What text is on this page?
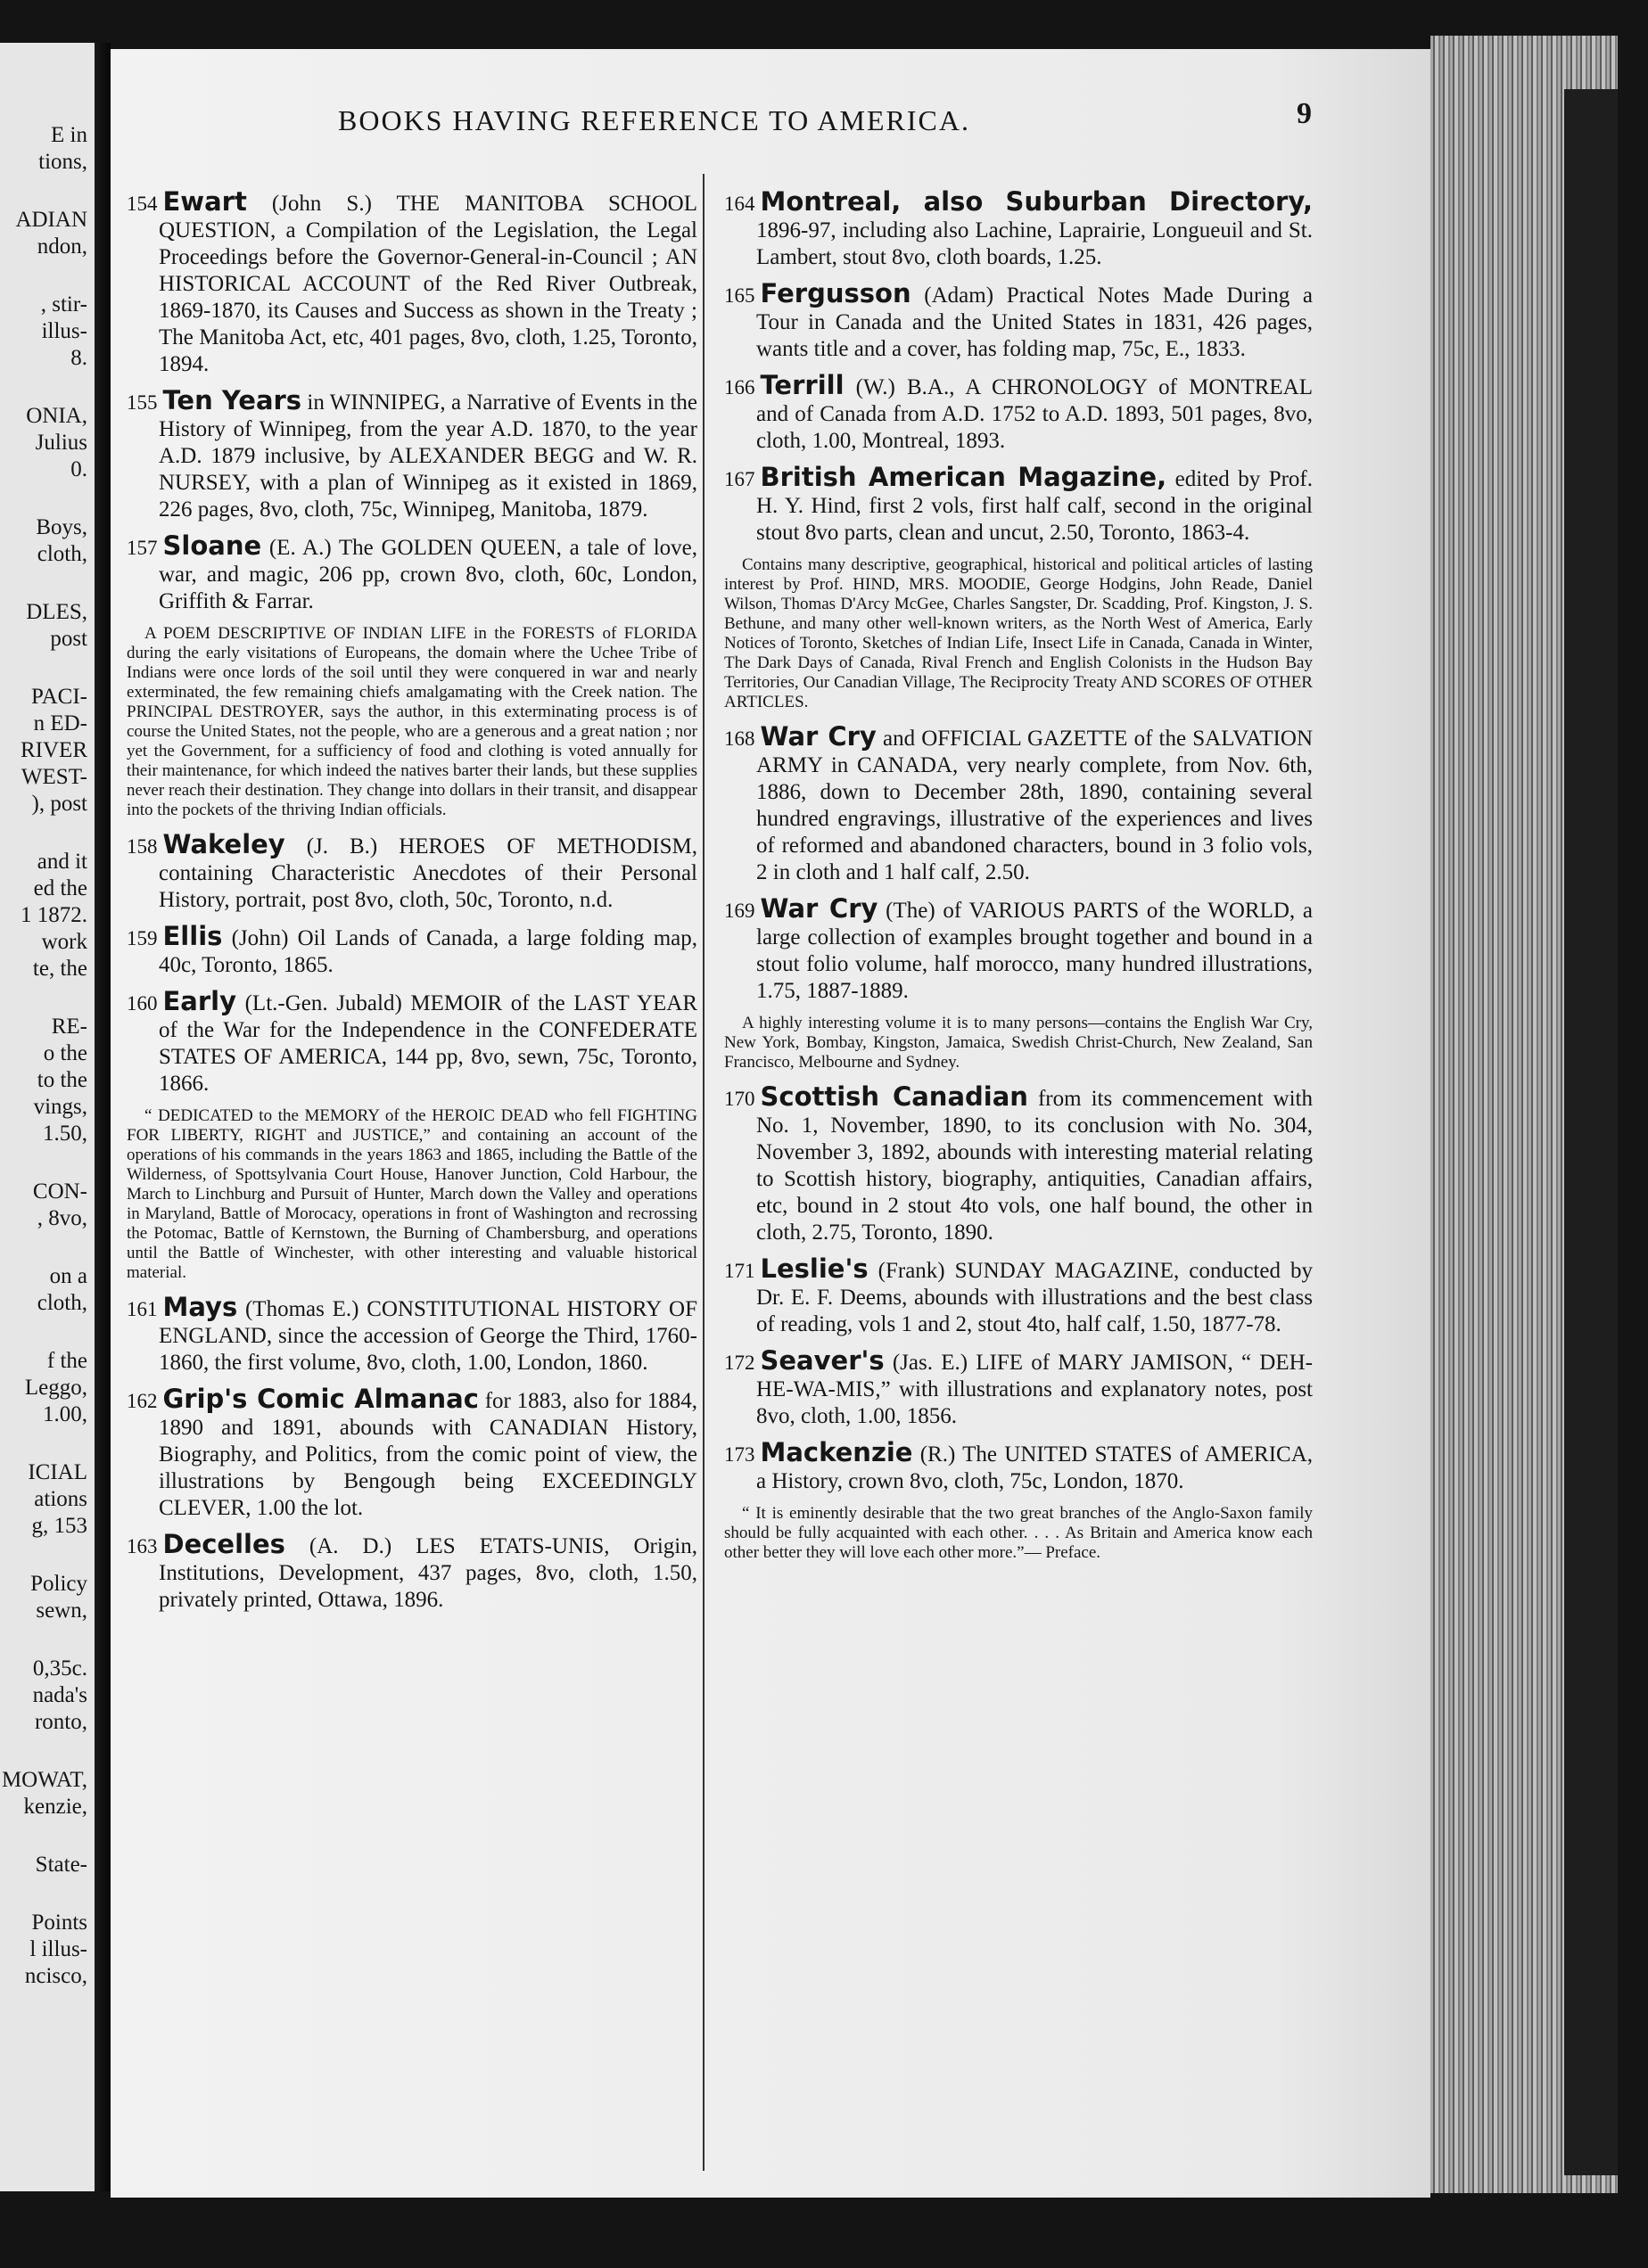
E in
tions,
ADIAN
ndon,
, stir-
illus-
8.
ONIA,
Julius
0.
Boys,
cloth,
DLES,
post
PACI-
n ED-
RIVER
WEST-
), post
and it
ed the
1 1872.
work
te, the
RE-
o the
to the
vings,
1.50,
CON-
, 8vo,
on a
cloth,
f the
Leggo,
1.00,
ICIAL
ations
g, 153
Policy
sewn,
0,35c.
nada's
ronto,
MOWAT,
kenzie,
State-
Points
l illus-
ncisco,
BOOKS HAVING REFERENCE TO AMERICA.	9
154 Ewart (John S.) THE MANITOBA SCHOOL QUESTION, a Compilation of the Legislation, the Legal Proceedings before the Governor-General-in-Council ; AN HISTORICAL ACCOUNT of the Red River Outbreak, 1869-1870, its Causes and Success as shown in the Treaty ; The Manitoba Act, etc, 401 pages, 8vo, cloth, 1.25, Toronto, 1894.
155 Ten Years in WINNIPEG, a Narrative of Events in the History of Winnipeg, from the year A.D. 1870, to the year A.D. 1879 inclusive, by ALEXANDER BEGG and W. R. NURSEY, with a plan of Winnipeg as it existed in 1869, 226 pages, 8vo, cloth, 75c, Winnipeg, Manitoba, 1879.
157 Sloane (E. A.) The GOLDEN QUEEN, a tale of love, war, and magic, 206 pp, crown 8vo, cloth, 60c, London, Griffith & Farrar.
A POEM DESCRIPTIVE OF INDIAN LIFE in the FORESTS of FLORIDA during the early visitations of Europeans, the domain where the Uchee Tribe of Indians were once lords of the soil until they were conquered in war and nearly exterminated, the few remaining chiefs amalgamating with the Creek nation. The PRINCIPAL DESTROYER, says the author, in this exterminating process is of course the United States, not the people, who are a generous and a great nation ; nor yet the Government, for a sufficiency of food and clothing is voted annually for their maintenance, for which indeed the natives barter their lands, but these supplies never reach their destination. They change into dollars in their transit, and disappear into the pockets of the thriving Indian officials.
158 Wakeley (J. B.) HEROES OF METHODISM, containing Characteristic Anecdotes of their Personal History, portrait, post 8vo, cloth, 50c, Toronto, n.d.
159 Ellis (John) Oil Lands of Canada, a large folding map, 40c, Toronto, 1865.
160 Early (Lt.-Gen. Jubald) MEMOIR of the LAST YEAR of the War for the Independence in the CONFEDERATE STATES OF AMERICA, 144 pp, 8vo, sewn, 75c, Toronto, 1866.
“ DEDICATED to the MEMORY of the HEROIC DEAD who fell FIGHTING FOR LIBERTY, RIGHT and JUSTICE,” and containing an account of the operations of his commands in the years 1863 and 1865, including the Battle of the Wilderness, of Spottsylvania Court House, Hanover Junction, Cold Harbour, the March to Linchburg and Pursuit of Hunter, March down the Valley and operations in Maryland, Battle of Morocacy, operations in front of Washington and recrossing the Potomac, Battle of Kernstown, the Burning of Chambersburg, and operations until the Battle of Winchester, with other interesting and valuable historical material.
161 Mays (Thomas E.) CONSTITUTIONAL HISTORY OF ENGLAND, since the accession of George the Third, 1760-1860, the first volume, 8vo, cloth, 1.00, London, 1860.
162 Grip's Comic Almanac for 1883, also for 1884, 1890 and 1891, abounds with CANADIAN History, Biography, and Politics, from the comic point of view, the illustrations by Bengough being EXCEEDINGLY CLEVER, 1.00 the lot.
163 Decelles (A. D.) LES ETATS-UNIS, Origin, Institutions, Development, 437 pages, 8vo, cloth, 1.50, privately printed, Ottawa, 1896.
164 Montreal, also Suburban Directory, 1896-97, including also Lachine, Laprairie, Longueuil and St. Lambert, stout 8vo, cloth boards, 1.25.
165 Fergusson (Adam) Practical Notes Made During a Tour in Canada and the United States in 1831, 426 pages, wants title and a cover, has folding map, 75c, E., 1833.
166 Terrill (W.) B.A., A CHRONOLOGY of MONTREAL and of Canada from A.D. 1752 to A.D. 1893, 501 pages, 8vo, cloth, 1.00, Montreal, 1893.
167 British American Magazine, edited by Prof. H. Y. Hind, first 2 vols, first half calf, second in the original stout 8vo parts, clean and uncut, 2.50, Toronto, 1863-4.
Contains many descriptive, geographical, historical and political articles of lasting interest by Prof. HIND, MRS. MOODIE, George Hodgins, John Reade, Daniel Wilson, Thomas D'Arcy McGee, Charles Sangster, Dr. Scadding, Prof. Kingston, J. S. Bethune, and many other well-known writers, as the North West of America, Early Notices of Toronto, Sketches of Indian Life, Insect Life in Canada, Canada in Winter, The Dark Days of Canada, Rival French and English Colonists in the Hudson Bay Territories, Our Canadian Village, The Reciprocity Treaty AND SCORES OF OTHER ARTICLES.
168 War Cry and OFFICIAL GAZETTE of the SALVATION ARMY in CANADA, very nearly complete, from Nov. 6th, 1886, down to December 28th, 1890, containing several hundred engravings, illustrative of the experiences and lives of reformed and abandoned characters, bound in 3 folio vols, 2 in cloth and 1 half calf, 2.50.
169 War Cry (The) of VARIOUS PARTS of the WORLD, a large collection of examples brought together and bound in a stout folio volume, half morocco, many hundred illustrations, 1.75, 1887-1889.
A highly interesting volume it is to many persons—contains the English War Cry, New York, Bombay, Kingston, Jamaica, Swedish Christ-Church, New Zealand, San Francisco, Melbourne and Sydney.
170 Scottish Canadian from its commencement with No. 1, November, 1890, to its conclusion with No. 304, November 3, 1892, abounds with interesting material relating to Scottish history, biography, antiquities, Canadian affairs, etc, bound in 2 stout 4to vols, one half bound, the other in cloth, 2.75, Toronto, 1890.
171 Leslie's (Frank) SUNDAY MAGAZINE, conducted by Dr. E. F. Deems, abounds with illustrations and the best class of reading, vols 1 and 2, stout 4to, half calf, 1.50, 1877-78.
172 Seaver's (Jas. E.) LIFE of MARY JAMISON, “ DEH-HE-WA-MIS,” with illustrations and explanatory notes, post 8vo, cloth, 1.00, 1856.
173 Mackenzie (R.) The UNITED STATES of AMERICA, a History, crown 8vo, cloth, 75c, London, 1870.
“ It is eminently desirable that the two great branches of the Anglo-Saxon family should be fully acquainted with each other. . . . As Britain and America know each other better they will love each other more.”— Preface.
